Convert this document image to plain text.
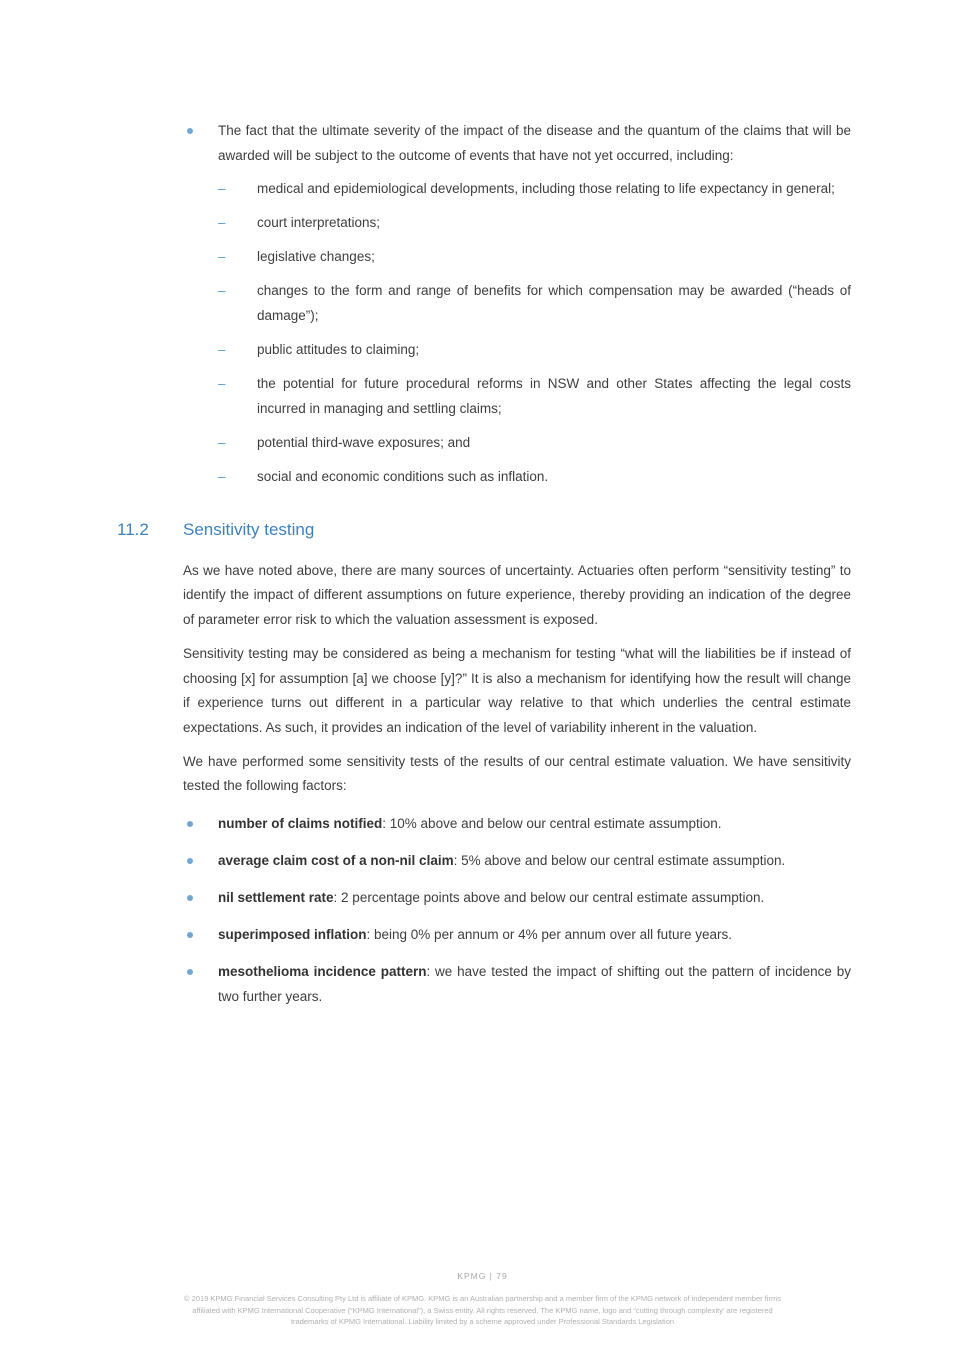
The fact that the ultimate severity of the impact of the disease and the quantum of the claims that will be awarded will be subject to the outcome of events that have not yet occurred, including:

– medical and epidemiological developments, including those relating to life expectancy in general;

– court interpretations;

– legislative changes;

– changes to the form and range of benefits for which compensation may be awarded (“heads of damage”);

– public attitudes to claiming;

– the potential for future procedural reforms in NSW and other States affecting the legal costs incurred in managing and settling claims;

– potential third-wave exposures; and

– social and economic conditions such as inflation.

11.2 Sensitivity testing

As we have noted above, there are many sources of uncertainty. Actuaries often perform “sensitivity testing” to identify the impact of different assumptions on future experience, thereby providing an indication of the degree of parameter error risk to which the valuation assessment is exposed.

Sensitivity testing may be considered as being a mechanism for testing “what will the liabilities be if instead of choosing [x] for assumption [a] we choose [y]?” It is also a mechanism for identifying how the result will change if experience turns out different in a particular way relative to that which underlies the central estimate expectations. As such, it provides an indication of the level of variability inherent in the valuation.

We have performed some sensitivity tests of the results of our central estimate valuation. We have sensitivity tested the following factors:

number of claims notified: 10% above and below our central estimate assumption.

average claim cost of a non-nil claim: 5% above and below our central estimate assumption.

nil settlement rate: 2 percentage points above and below our central estimate assumption.

superimposed inflation: being 0% per annum or 4% per annum over all future years.

mesothelioma incidence pattern: we have tested the impact of shifting out the pattern of incidence by two further years.

KPMG | 79
© 2019 KPMG Financial Services Consulting Pty Ltd is affiliate of KPMG. KPMG is an Australian partnership and a member firm of the KPMG network of independent member firms
affiliated with KPMG International Cooperative (“KPMG International”), a Swiss entity. All rights reserved. The KPMG name, logo and “cutting through complexity’ are registered
trademarks of KPMG International. Liability limited by a scheme approved under Professional Standards Legislation
